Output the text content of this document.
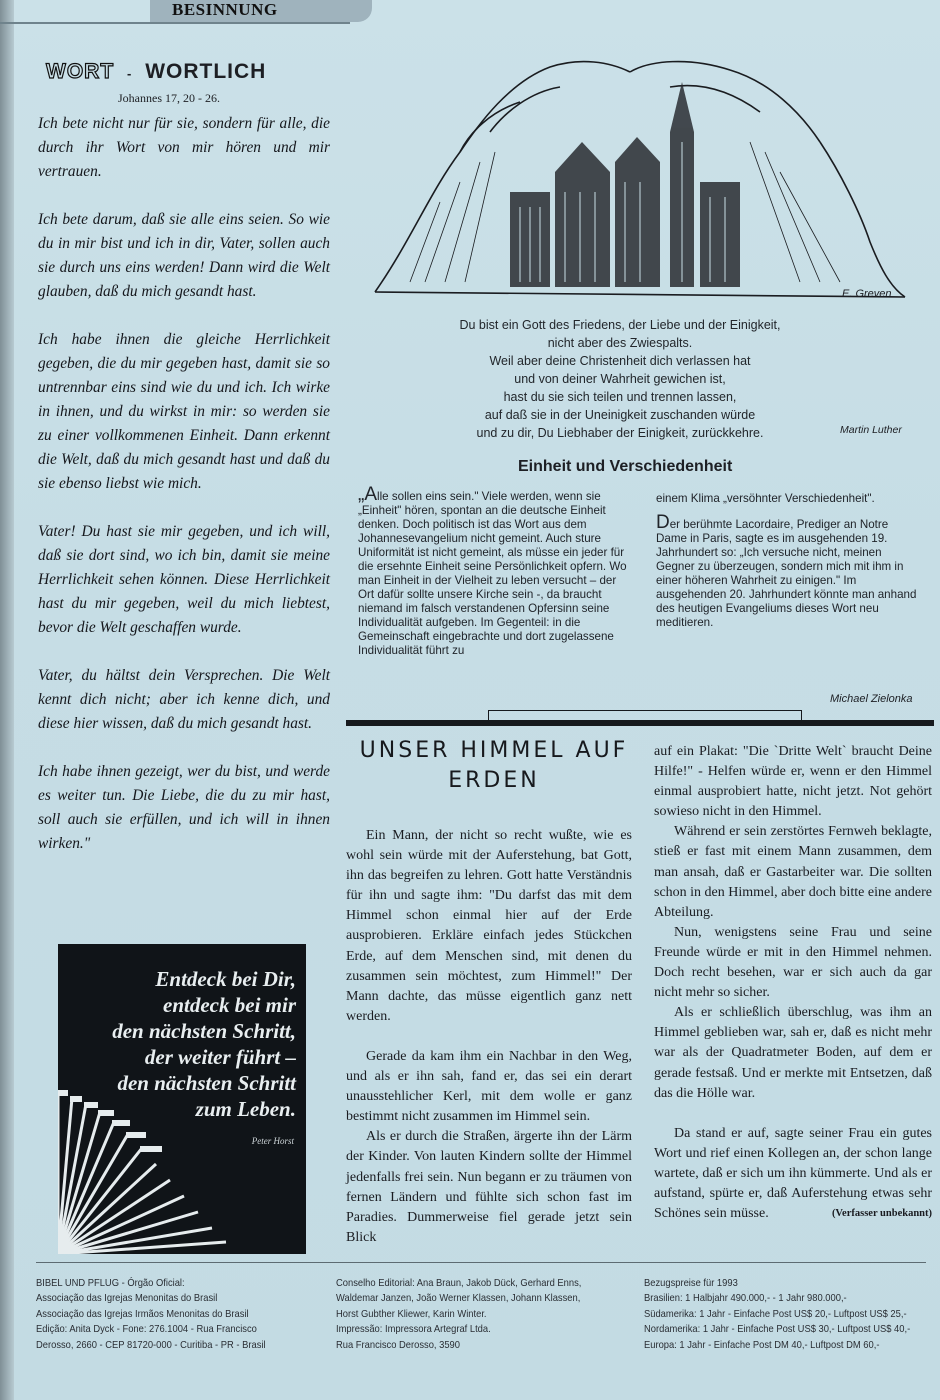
BESINNUNG
WORT - WORTLICH
Johannes 17, 20 - 26.

Ich bete nicht nur für sie, sondern für alle, die durch ihr Wort von mir hören und mir vertrauen.

Ich bete darum, daß sie alle eins seien. So wie du in mir bist und ich in dir, Vater, sollen auch sie durch uns eins werden! Dann wird die Welt glauben, daß du mich gesandt hast.

Ich habe ihnen die gleiche Herrlichkeit gegeben, die du mir gegeben hast, damit sie so untrennbar eins sind wie du und ich. Ich wirke in ihnen, und du wirkst in mir: so werden sie zu einer vollkommenen Einheit. Dann erkennt die Welt, daß du mich gesandt hast und daß du sie ebenso liebst wie mich.

Vater! Du hast sie mir gegeben, und ich will, daß sie dort sind, wo ich bin, damit sie meine Herrlichkeit sehen können. Diese Herrlichkeit hast du mir gegeben, weil du mich liebtest, bevor die Welt geschaffen wurde.

Vater, du hältst dein Versprechen. Die Welt kennt dich nicht; aber ich kenne dich, und diese hier wissen, daß du mich gesandt hast.

Ich habe ihnen gezeigt, wer du bist, und werde es weiter tun. Die Liebe, die du zu mir hast, soll auch sie erfüllen, und ich will in ihnen wirken."

Entdeck bei Dir,
entdeck bei mir
den nächsten Schritt,
der weiter führt –
den nächsten Schritt
zum Leben.
Peter Horst
E. Greven
Du bist ein Gott des Friedens, der Liebe und der Einigkeit,
nicht aber des Zwiespalts.
Weil aber deine Christenheit dich verlassen hat
und von deiner Wahrheit gewichen ist,
hast du sie sich teilen und trennen lassen,
auf daß sie in der Uneinigkeit zuschanden würde
und zu dir, Du Liebhaber der Einigkeit, zurückkehre.	Martin Luther
Einheit und Verschiedenheit

„Alle sollen eins sein." Viele werden, wenn sie „Einheit" hören, spontan an die deutsche Einheit denken. Doch politisch ist das Wort aus dem Johannesevangelium nicht gemeint. Auch sture Uniformität ist nicht gemeint, als müsse ein jeder für die ersehnte Einheit seine Persönlichkeit opfern. Wo man Einheit in der Vielheit zu leben versucht – der Ort dafür sollte unsere Kirche sein -, da braucht niemand im falsch verstandenen Opfersinn seine Individualität aufgeben. Im Gegenteil: in die Gemeinschaft eingebrachte und dort zugelassene Individualität führt zu

einem Klima „versöhnter Verschiedenheit".

Der berühmte Lacordaire, Prediger an Notre Dame in Paris, sagte es im ausgehenden 19. Jahrhundert so: „Ich versuche nicht, meinen Gegner zu überzeugen, sondern mich mit ihm in einer höheren Wahrheit zu einigen." Im ausgehenden 20. Jahrhundert könnte man anhand des heutigen Evangeliums dieses Wort neu meditieren.

Michael Zielonka
UNSER HIMMEL AUF
ERDEN

Ein Mann, der nicht so recht wußte, wie es wohl sein würde mit der Auferstehung, bat Gott, ihn das begreifen zu lehren. Gott hatte Verständnis für ihn und sagte ihm: "Du darfst das mit dem Himmel schon einmal hier auf der Erde ausprobieren. Erkläre einfach jedes Stückchen Erde, auf dem Menschen sind, mit denen du zusammen sein möchtest, zum Himmel!" Der Mann dachte, das müsse eigentlich ganz nett werden.

Gerade da kam ihm ein Nachbar in den Weg, und als er ihn sah, fand er, das sei ein derart unausstehlicher Kerl, mit dem wolle er ganz bestimmt nicht zusammen im Himmel sein.

Als er durch die Straßen, ärgerte ihn der Lärm der Kinder. Von lauten Kindern sollte der Himmel jedenfalls frei sein. Nun begann er zu träumen von fernen Ländern und fühlte sich schon fast im Paradies. Dummerweise fiel gerade jetzt sein Blick

auf ein Plakat: "Die `Dritte Welt` braucht Deine Hilfe!" - Helfen würde er, wenn er den Himmel einmal ausprobiert hatte, nicht jetzt. Not gehört sowieso nicht in den Himmel.

Während er sein zerstörtes Fernweh beklagte, stieß er fast mit einem Mann zusammen, dem man ansah, daß er Gastarbeiter war. Die sollten schon in den Himmel, aber doch bitte eine andere Abteilung.

Nun, wenigstens seine Frau und seine Freunde würde er mit in den Himmel nehmen. Doch recht besehen, war er sich auch da gar nicht mehr so sicher.

Als er schließlich überschlug, was ihm an Himmel geblieben war, sah er, daß es nicht mehr war als der Quadratmeter Boden, auf dem er gerade festsaß. Und er merkte mit Entsetzen, daß das die Hölle war.

Da stand er auf, sagte seiner Frau ein gutes Wort und rief einen Kollegen an, der schon lange wartete, daß er sich um ihn kümmerte. Und als er aufstand, spürte er, daß Auferstehung etwas sehr Schönes sein müsse.	(Verfasser unbekannt)

BIBEL UND PFLUG - Órgão Oficial:
Associação das Igrejas Menonitas do Brasil
Associação das Igrejas Irmãos Menonitas do Brasil
Edição: Anita Dyck - Fone: 276.1004 - Rua Francisco
Derosso, 2660 - CEP 81720-000 - Curitiba - PR - Brasil
Conselho Editorial: Ana Braun, Jakob Dück, Gerhard Enns,
Waldemar Janzen, João Werner Klassen, Johann Klassen,
Horst Gubther Kliewer, Karin Winter.
Impressão: Impressora Artegraf Ltda.
Rua Francisco Derosso, 3590
Bezugspreise für 1993
Brasilien: 1 Halbjahr 490.000,- - 1 Jahr 980.000,-
Südamerika: 1 Jahr - Einfache Post US$ 20,- Luftpost US$ 25,-
Nordamerika: 1 Jahr - Einfache Post US$ 30,- Luftpost US$ 40,-
Europa: 1 Jahr - Einfache Post DM 40,- Luftpost DM 60,-
